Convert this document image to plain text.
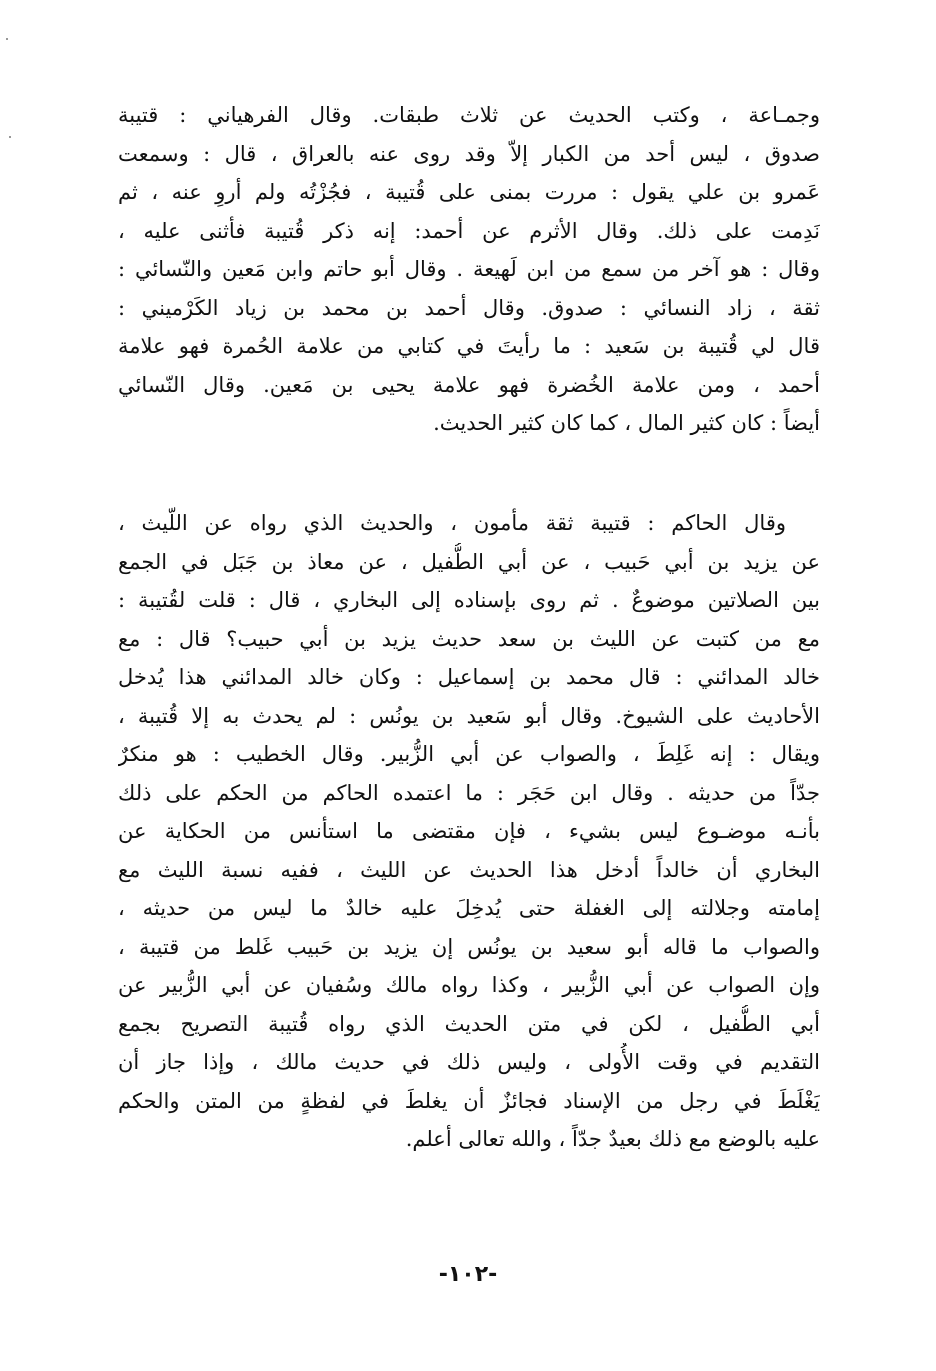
وجمـاعة ، وكتب الحديث عن ثلاث طبقات. وقال الفرهياني : قتيبة
صدوق ، ليس أحد من الكبار إلاّ وقد روى عنه بالعراق ، قال : وسمعت
عَمرو بن علي يقول : مررت بمنى على قُتيبة ، فجُزْتُه ولم أروِ عنه ، ثم
نَدِمت على ذلك. وقال الأثرم عن أحمد: إنه ذكر قُتيبة فأثنى عليه ،
وقال : هو آخر من سمع من ابن لَهيعة . وقال أبو حاتم وابن مَعين والنّسائي :
ثقة ، زاد النسائي : صدوق. وقال أحمد بن محمد بن زياد الكَرْميني :
قال لي قُتيبة بن سَعيد : ما رأيتَ في كتابي من علامة الحُمرة فهو علامة
أحمد ، ومن علامة الخُضرة فهو علامة يحيى بن مَعين. وقال النّسائي
أيضاً : كان كثير المال ، كما كان كثير الحديث.
وقال الحاكم : قتيبة ثقة مأمون ، والحديث الذي رواه عن اللّيث ،
عن يزيد بن أبي حَبيب ، عن أبي الطُّفيل ، عن معاذ بن جَبَل في الجمع
بين الصلاتين موضوعٌ . ثم روى بإسناده إلى البخاري ، قال : قلت لقُتيبة :
مع من كتبت عن الليث بن سعد حديث يزيد بن أبي حبيب؟ قال : مع
خالد المدائني : قال محمد بن إسماعيل : وكان خالد المدائني هذا يُدخل
الأحاديث على الشيوخ. وقال أبو سَعيد بن يونُس : لم يحدث به إلا قُتيبة ،
ويقال : إنه غَلِطَ ، والصواب عن أبي الزُّبير. وقال الخطيب : هو منكرٌ
جدّاً من حديثه . وقال ابن حَجَر : ما اعتمده الحاكم من الحكم على ذلك
بأنـه موضـوع ليس بشيء ، فإن مقتضى ما استأنس من الحكاية عن
البخاري أن خالداً أدخل هذا الحديث عن الليث ، ففيه نسبة الليث مع
إمامته وجلالته إلى الغفلة حتى يُدخِلَ عليه خالدٌ ما ليس من حديثه ،
والصواب ما قاله أبو سعيد بن يونُس إن يزيد بن حَبيب غَلط من قتيبة ،
وإن الصواب عن أبي الزُّبير ، وكذا رواه مالك وسُفيان عن أبي الزُّبير عن
أبي الطُّفيل ، لكن في متن الحديث الذي رواه قُتيبة التصريح بجمع
التقديم في وقت الأُولى ، وليس ذلك في حديث مالك ، وإذا جاز أن
يَغْلَطَ في رجل من الإسناد فجائزٌ أن يغلطَ في لفظةٍ من المتن والحكم
عليه بالوضع مع ذلك بعيدٌ جدّاً ، والله تعالى أعلم.
-١٠٢-
